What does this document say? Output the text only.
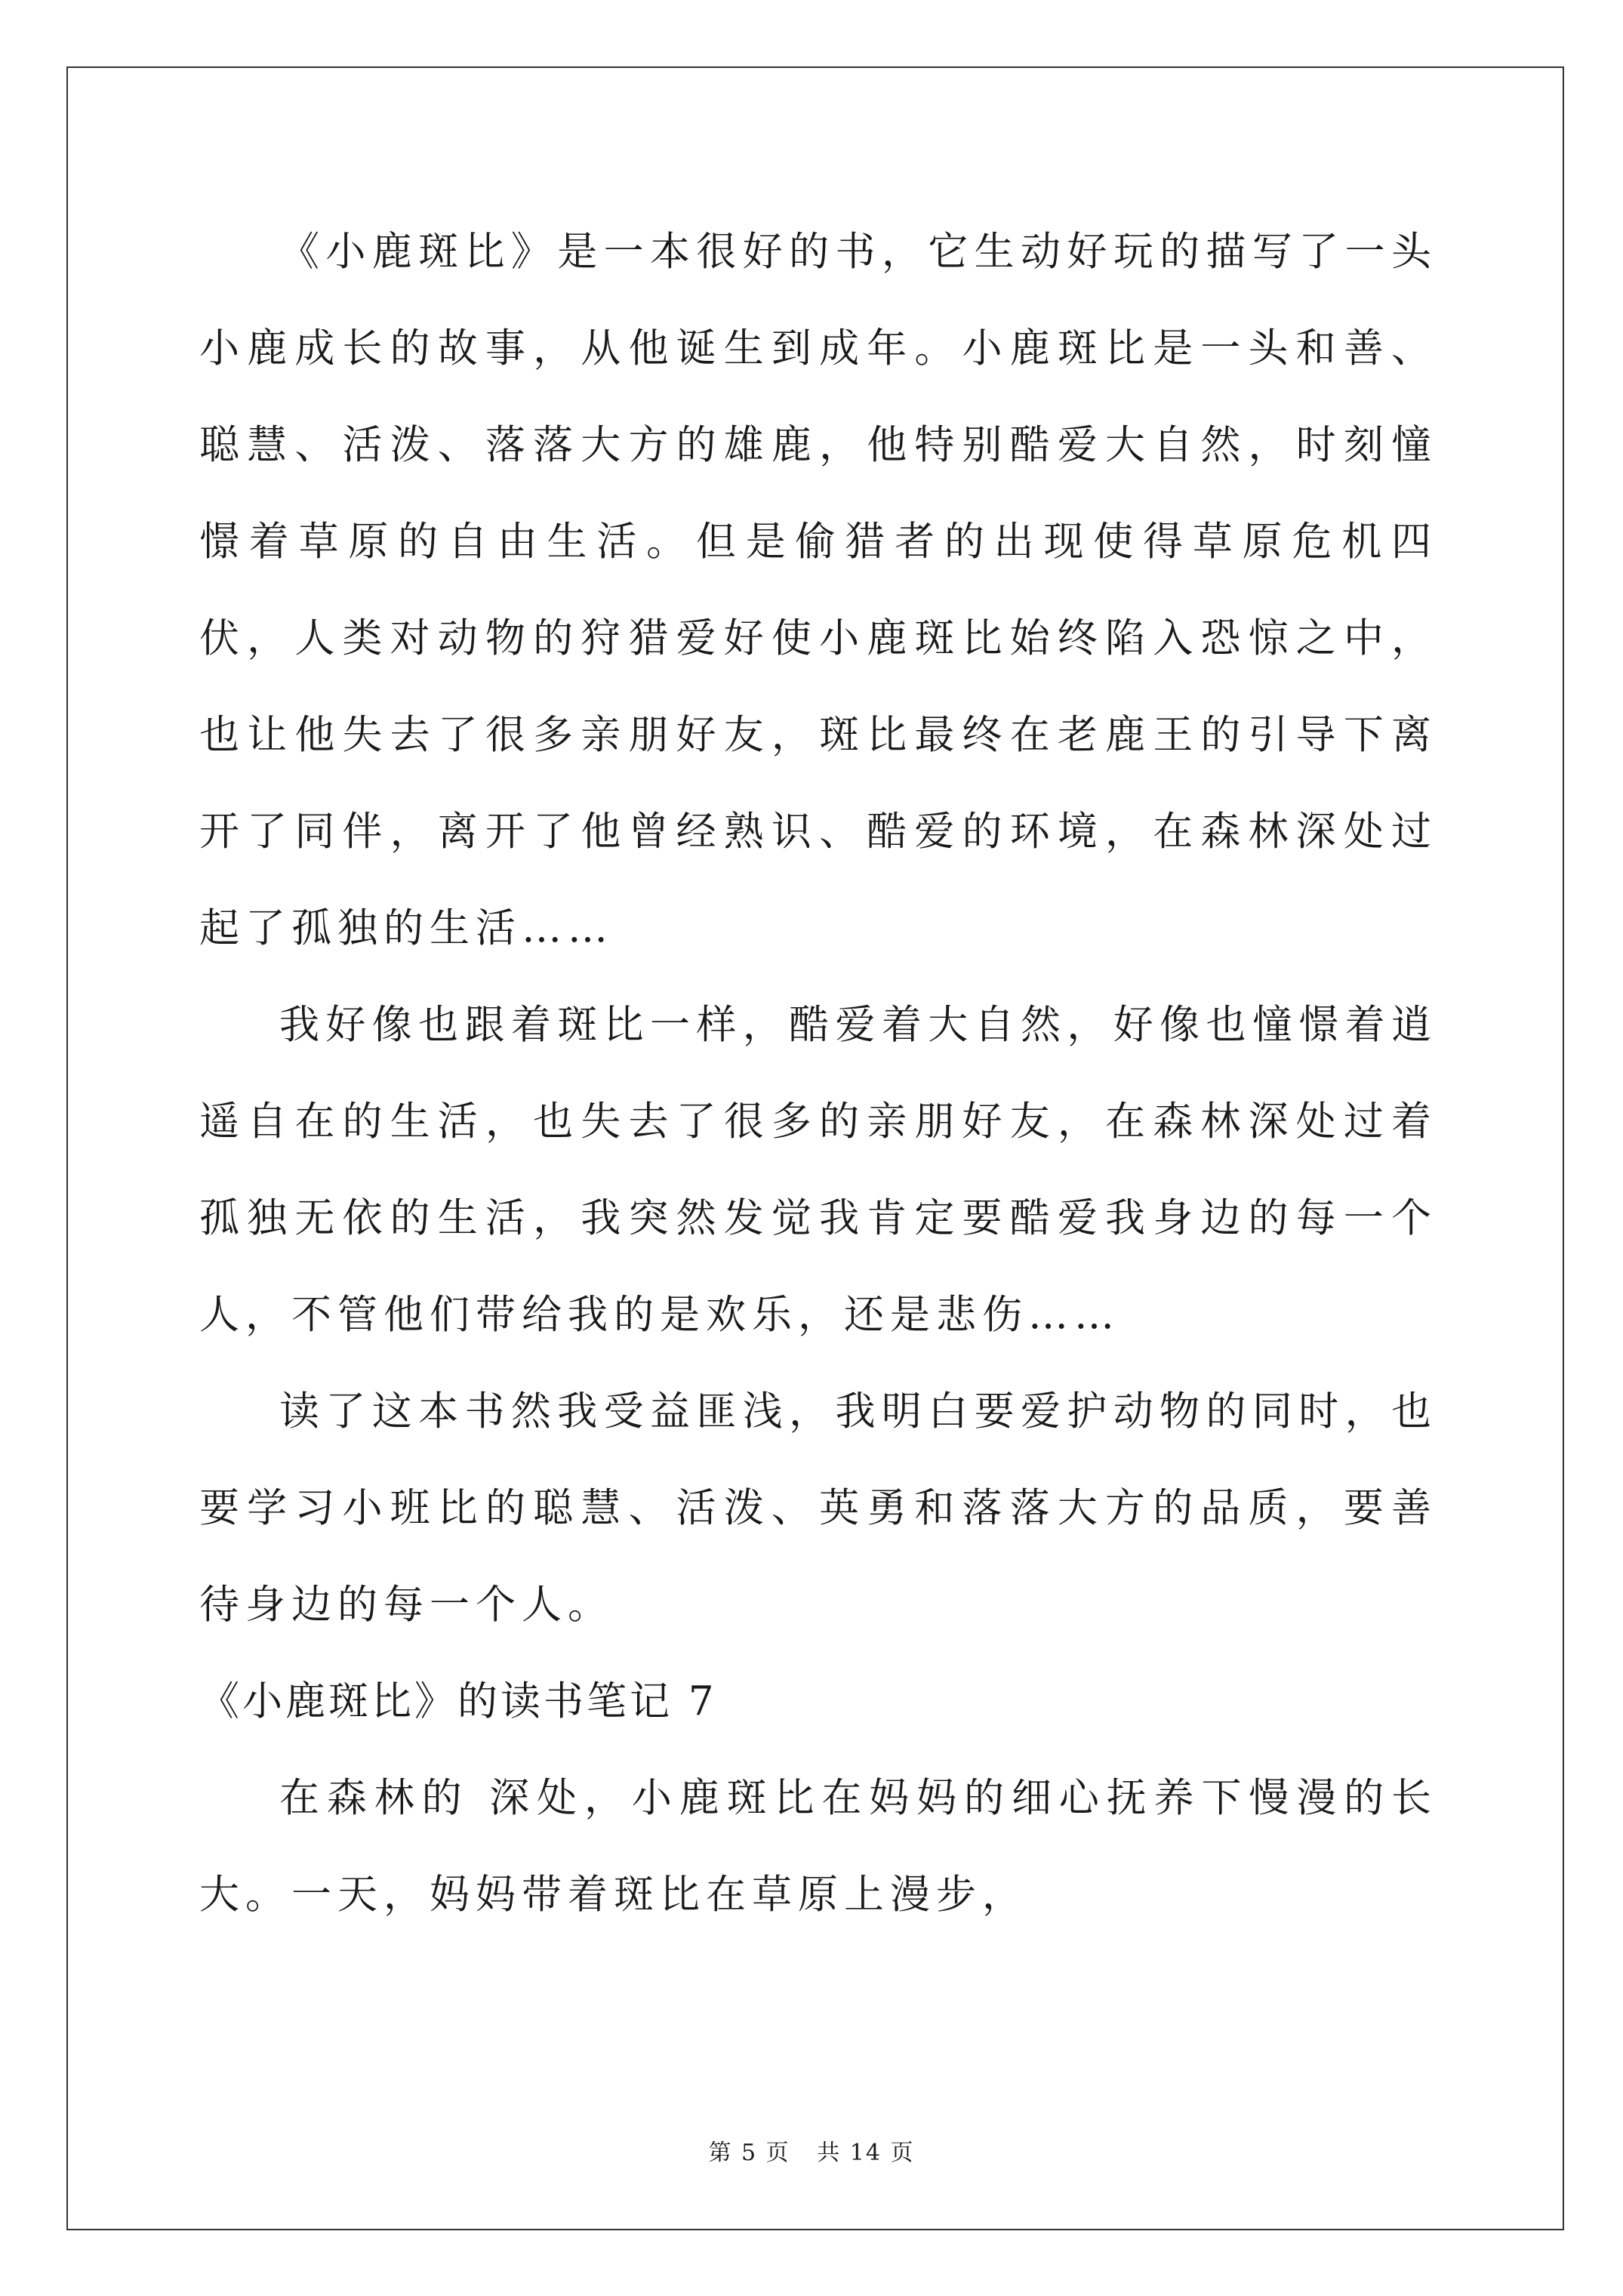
《小鹿斑比》是一本很好的书，它生动好玩的描写了一头小鹿成长的故事，从他诞生到成年。小鹿斑比是一头和善、聪慧、活泼、落落大方的雄鹿，他特别酷爱大自然，时刻憧憬着草原的自由生活。但是偷猎者的出现使得草原危机四伏，人类对动物的狩猎爱好使小鹿斑比始终陷入恐惊之中，也让他失去了很多亲朋好友，斑比最终在老鹿王的引导下离开了同伴，离开了他曾经熟识、酷爱的环境，在森林深处过起了孤独的生活……

我好像也跟着斑比一样，酷爱着大自然，好像也憧憬着逍遥自在的生活，也失去了很多的亲朋好友，在森林深处过着孤独无依的生活，我突然发觉我肯定要酷爱我身边的每一个人，不管他们带给我的是欢乐，还是悲伤……

读了这本书然我受益匪浅，我明白要爱护动物的同时，也要学习小班比的聪慧、活泼、英勇和落落大方的品质，要善待身边的每一个人。

《小鹿斑比》的读书笔记 7

在森林的 深处，小鹿斑比在妈妈的细心抚养下慢漫的长大。一天，妈妈带着斑比在草原上漫步，

第 5 页 共 14 页
